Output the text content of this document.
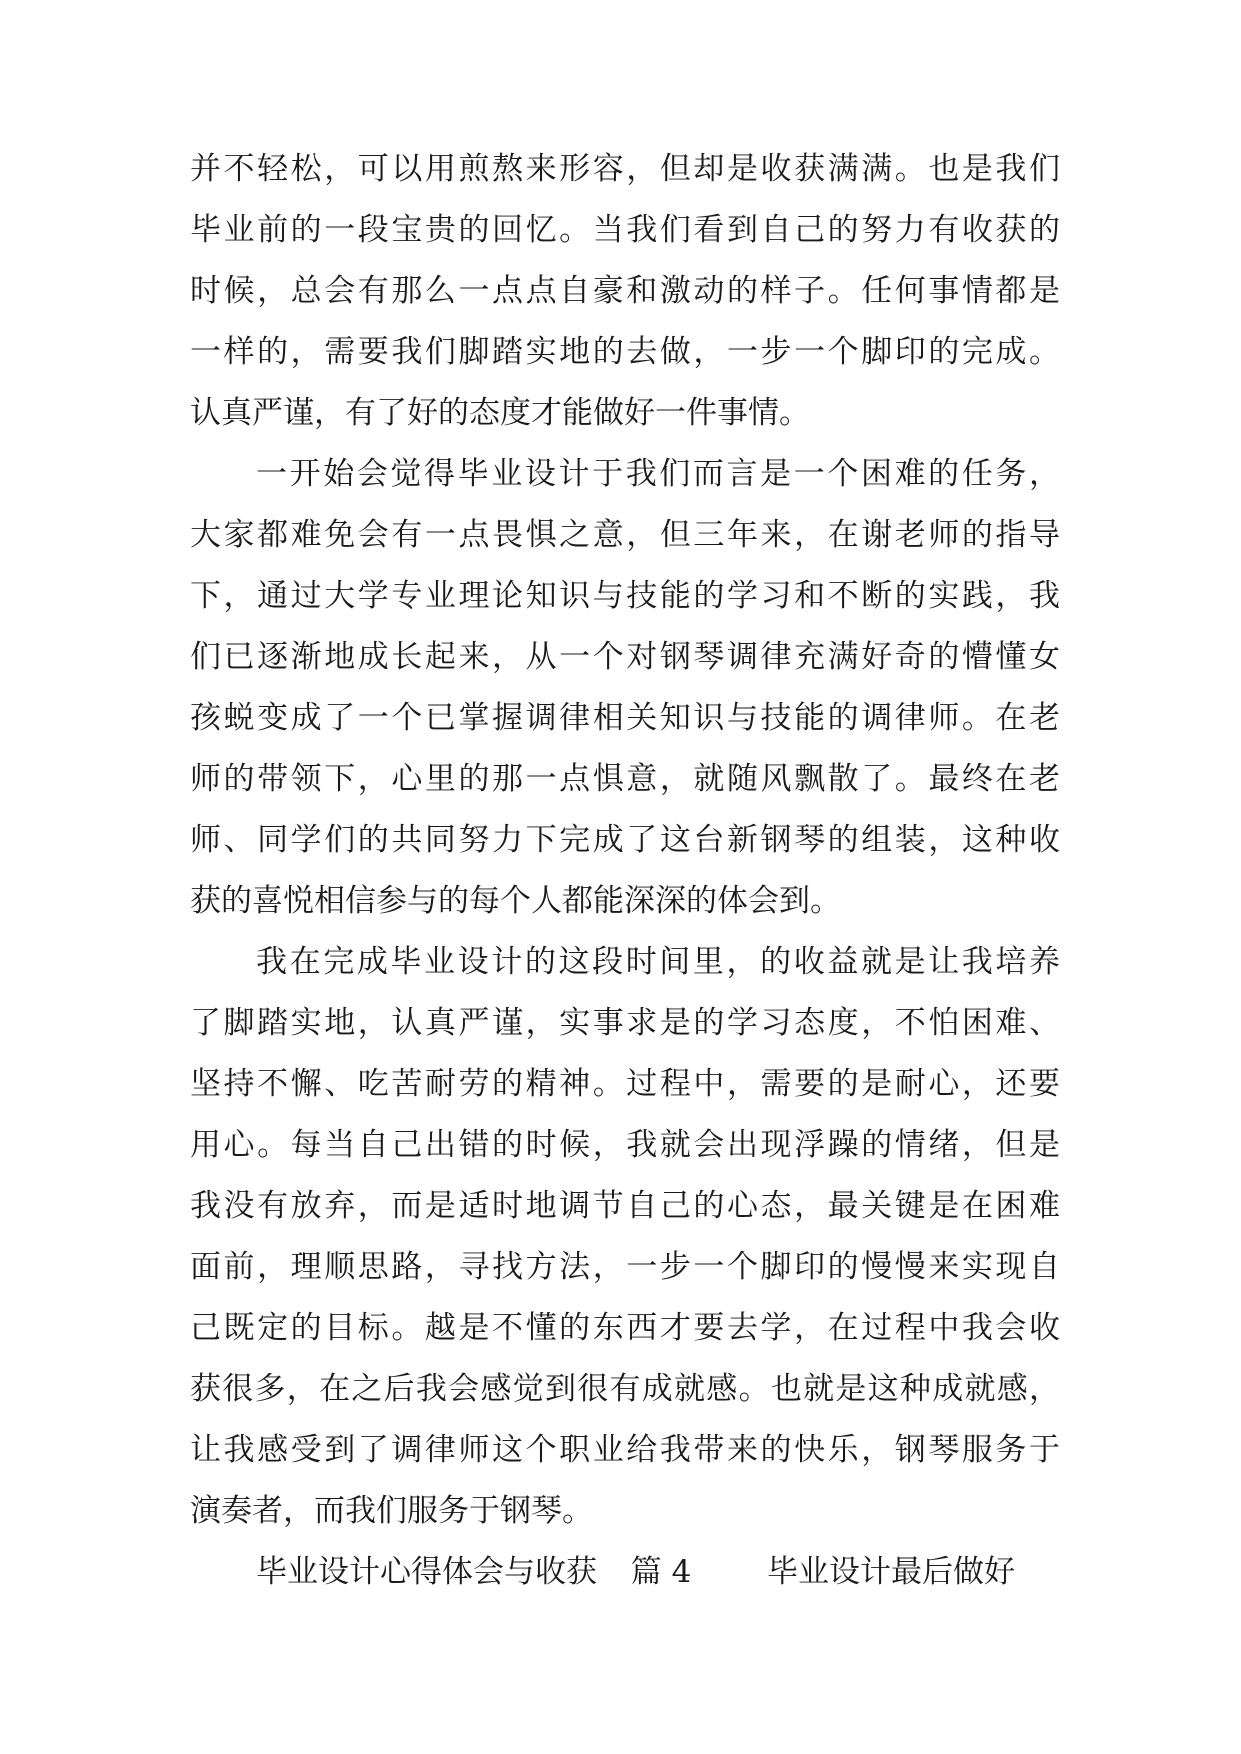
并不轻松，可以用煎熬来形容，但却是收获满满。也是我们
毕业前的一段宝贵的回忆。当我们看到自己的努力有收获的
时候，总会有那么一点点自豪和激动的样子。任何事情都是
一样的，需要我们脚踏实地的去做，一步一个脚印的完成。
认真严谨，有了好的态度才能做好一件事情。
一开始会觉得毕业设计于我们而言是一个困难的任务，
大家都难免会有一点畏惧之意，但三年来，在谢老师的指导
下，通过大学专业理论知识与技能的学习和不断的实践，我
们已逐渐地成长起来，从一个对钢琴调律充满好奇的懵懂女
孩蜕变成了一个已掌握调律相关知识与技能的调律师。在老
师的带领下，心里的那一点惧意，就随风飘散了。最终在老
师、同学们的共同努力下完成了这台新钢琴的组装，这种收
获的喜悦相信参与的每个人都能深深的体会到。
我在完成毕业设计的这段时间里，的收益就是让我培养
了脚踏实地，认真严谨，实事求是的学习态度，不怕困难、
坚持不懈、吃苦耐劳的精神。过程中，需要的是耐心，还要
用心。每当自己出错的时候，我就会出现浮躁的情绪，但是
我没有放弃，而是适时地调节自己的心态，最关键是在困难
面前，理顺思路，寻找方法，一步一个脚印的慢慢来实现自
己既定的目标。越是不懂的东西才要去学，在过程中我会收
获很多，在之后我会感觉到很有成就感。也就是这种成就感，
让我感受到了调律师这个职业给我带来的快乐，钢琴服务于
演奏者，而我们服务于钢琴。
毕业设计心得体会与收获 篇 4 毕业设计最后做好
